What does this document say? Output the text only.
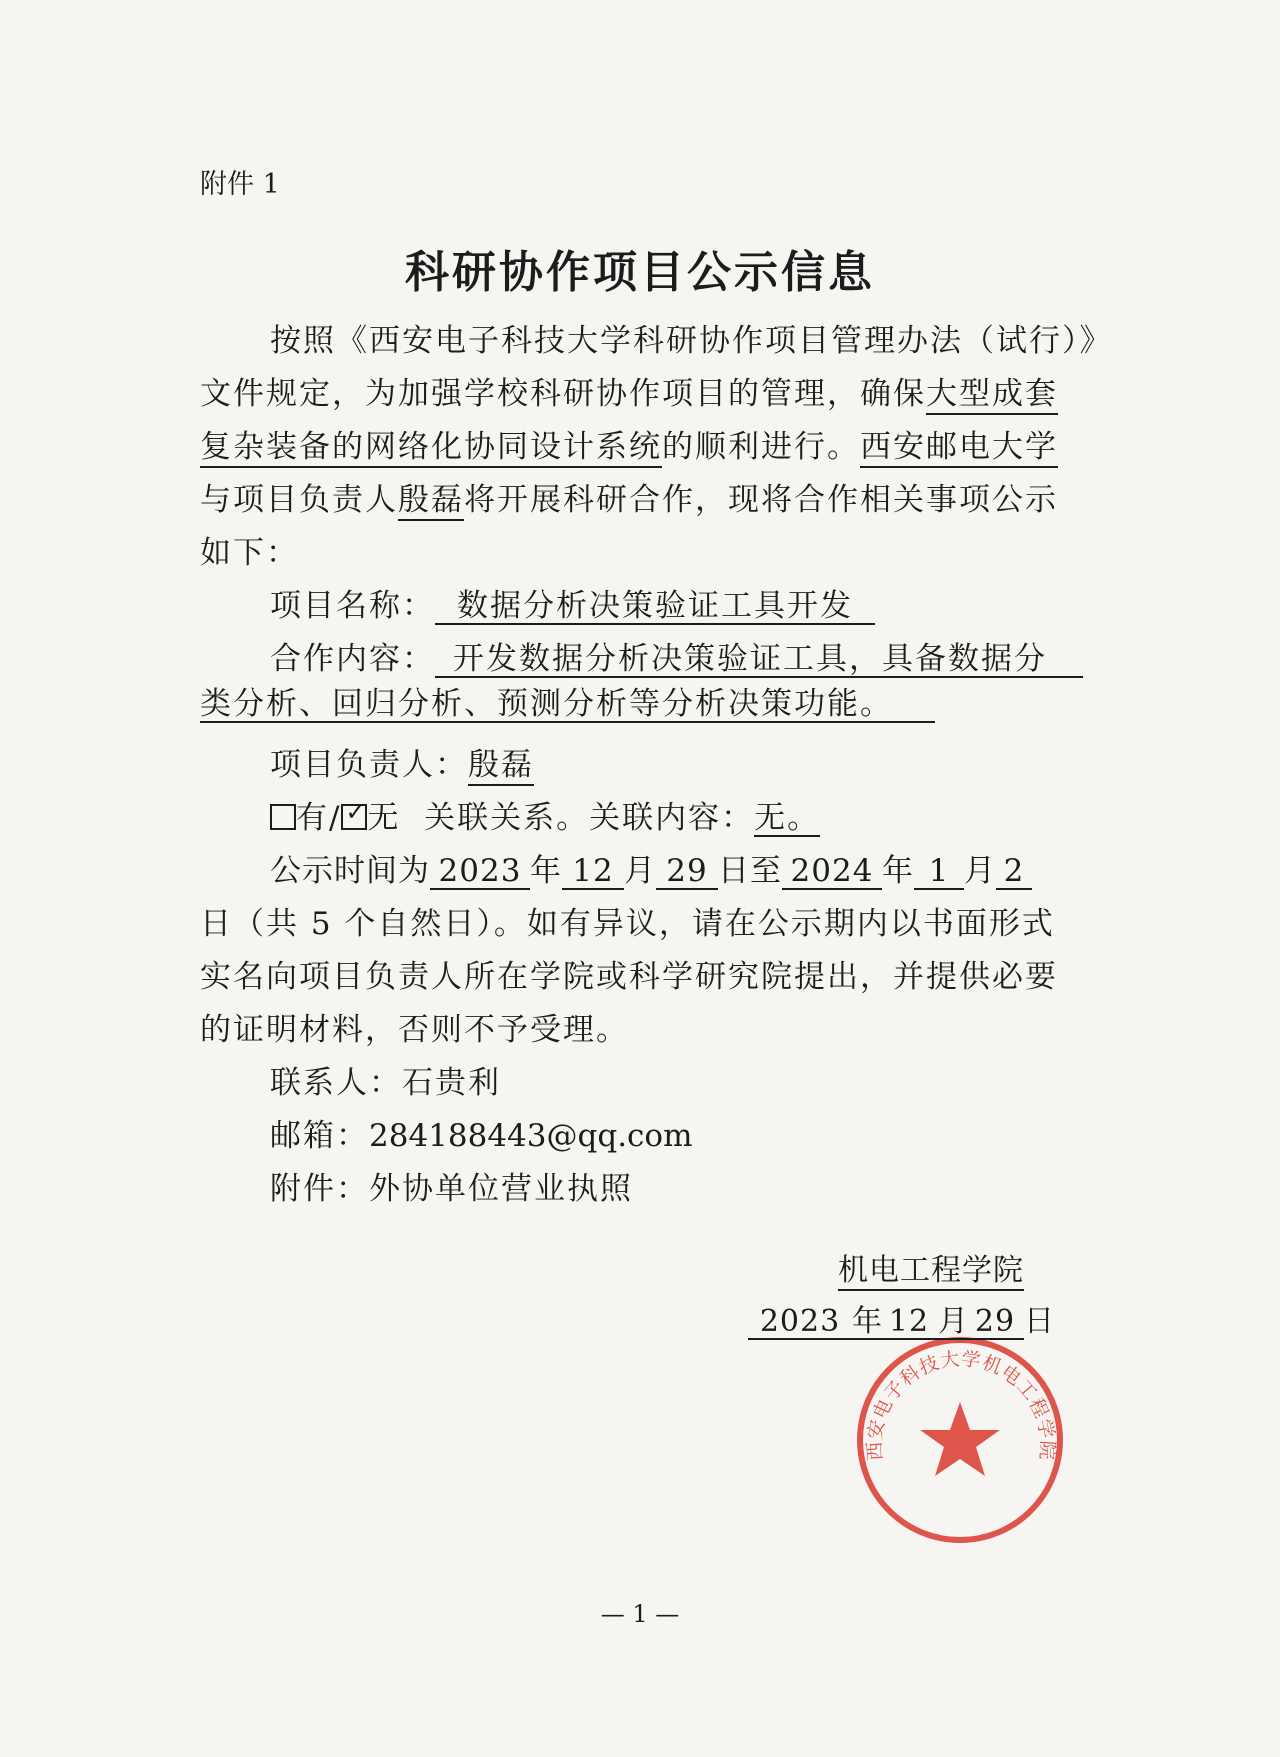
附件 1
科研协作项目公示信息
按照《西安电子科技大学科研协作项目管理办法（试行）》
文件规定，为加强学校科研协作项目的管理，确保大型成套
复杂装备的网络化协同设计系统的顺利进行。西安邮电大学
与项目负责人殷磊将开展科研合作，现将合作相关事项公示
如下：
项目名称： 数据分析决策验证工具开发
合作内容： 开发数据分析决策验证工具，具备数据分
类分析、回归分析、预测分析等分析决策功能。
项目负责人：殷磊
有/ ✓ 无 关联关系。关联内容：无。
公示时间为 2023 年 12 月 29 日至 2024 年 1 月 2
日（共 5 个自然日）。如有异议，请在公示期内以书面形式
实名向项目负责人所在学院或科学研究院提出，并提供必要
的证明材料，否则不予受理。
联系人：石贵利
邮箱：284188443@qq.com
附件：外协单位营业执照
西安电子科技大学机电工程学院
机电工程学院
2023 年 12 月 29 日
— 1 —
